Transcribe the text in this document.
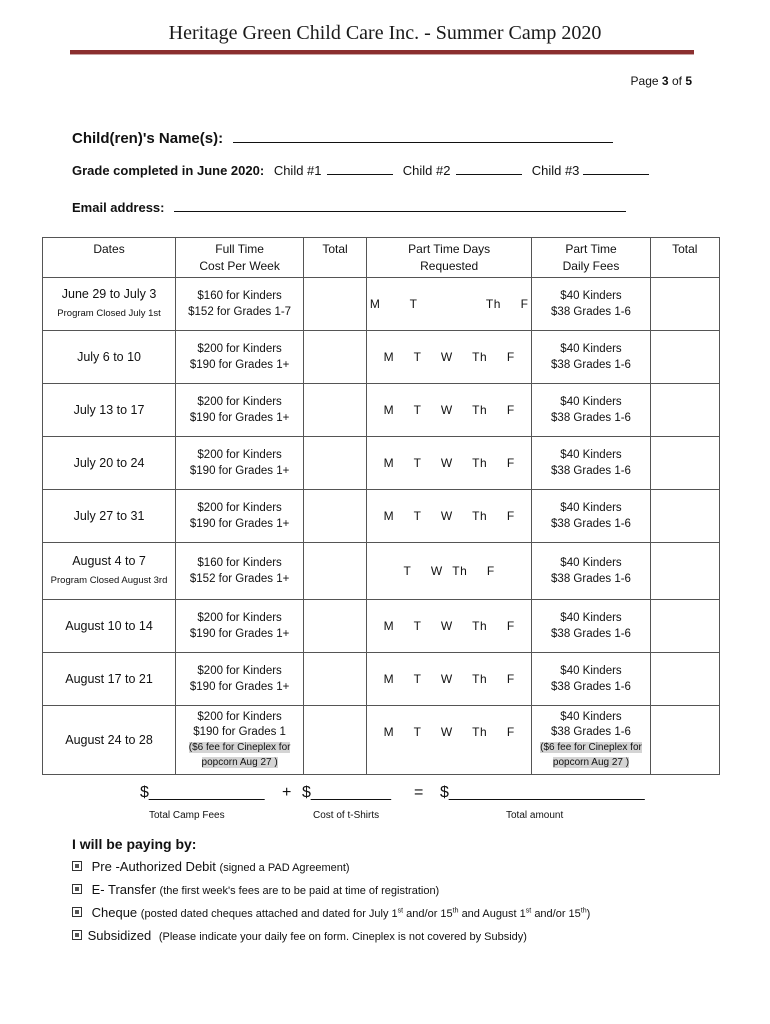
Heritage Green Child Care Inc. - Summer Camp 2020
Page 3 of 5
Child(ren)'s Name(s):
Grade completed in June 2020: Child #1	Child #2	Child #3
Email address:
Dates	Full Time
Cost Per Week	Total	Part Time Days
Requested	Part Time
Daily Fees	Total
June 29 to July 3
Program Closed July 1st	$160 for Kinders
$152 for Grades 1-7		M   T       Th  F	$40 Kinders
$38 Grades 1-6	
July 6 to 10	$200 for Kinders
$190 for Grades 1+		M  T  W  Th  F	$40 Kinders
$38 Grades 1-6	
July 13 to 17	$200 for Kinders
$190 for Grades 1+		M  T  W  Th  F	$40 Kinders
$38 Grades 1-6	
July 20 to 24	$200 for Kinders
$190 for Grades 1+		M  T  W  Th  F	$40 Kinders
$38 Grades 1-6	
July 27 to 31	$200 for Kinders
$190 for Grades 1+		M  T  W  Th  F	$40 Kinders
$38 Grades 1-6	
August 4 to 7
Program Closed August 3rd	$160 for Kinders
$152 for Grades 1+		T  W Th  F	$40 Kinders
$38 Grades 1-6	
August 10 to 14	$200 for Kinders
$190 for Grades 1+		M  T  W  Th  F	$40 Kinders
$38 Grades 1-6	
August 17 to 21	$200 for Kinders
$190 for Grades 1+		M  T  W  Th  F	$40 Kinders
$38 Grades 1-6	
August 24 to 28	$200 for Kinders
$190 for Grades 1
($6 fee for Cineplex for
popcorn Aug 27 )		M  T  W  Th  F	$40 Kinders
$38 Grades 1-6
($6 fee for Cineplex for
popcorn Aug 27 )	
$_____________ + $_________ = $______________________
Total Camp Fees	Cost of t-Shirts	Total amount
I will be paying by:
Pre -Authorized Debit (signed a PAD Agreement)
E- Transfer (the first week's fees are to be paid at time of registration)
Cheque (posted dated cheques attached and dated for July 1st and/or 15th and August 1st and/or 15th)
Subsidized (Please indicate your daily fee on form. Cineplex is not covered by Subsidy)
